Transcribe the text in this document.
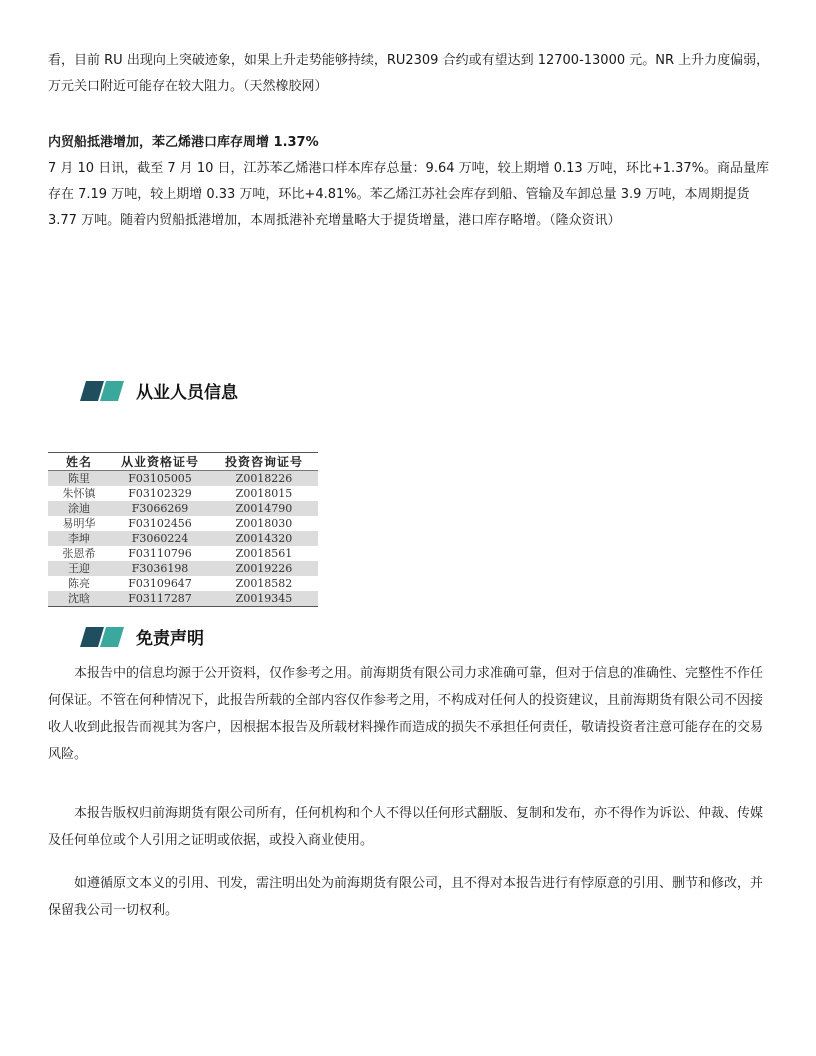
看，目前 RU 出现向上突破迹象，如果上升走势能够持续，RU2309 合约或有望达到 12700-13000 元。NR 上升力度偏弱，万元关口附近可能存在较大阻力。（天然橡胶网）

内贸船抵港增加，苯乙烯港口库存周增 1.37%

7 月 10 日讯，截至 7 月 10 日，江苏苯乙烯港口样本库存总量：9.64 万吨，较上期增 0.13 万吨，环比+1.37%。商品量库存在 7.19 万吨，较上期增 0.33 万吨，环比+4.81%。苯乙烯江苏社会库存到船、管输及车卸总量 3.9 万吨，本周期提货 3.77 万吨。随着内贸船抵港增加，本周抵港补充增量略大于提货增量，港口库存略增。（隆众资讯）

从业人员信息
姓名	从业资格证号	投资咨询证号
陈里	F03105005	Z0018226
朱怀镇	F03102329	Z0018015
涂迪	F3066269	Z0014790
易明华	F03102456	Z0018030
李坤	F3060224	Z0014320
张恩希	F03110796	Z0018561
王迎	F3036198	Z0019226
陈亮	F03109647	Z0018582
沈晗	F03117287	Z0019345
免责声明

本报告中的信息均源于公开资料，仅作参考之用。前海期货有限公司力求准确可靠，但对于信息的准确性、完整性不作任何保证。不管在何种情况下，此报告所载的全部内容仅作参考之用，不构成对任何人的投资建议，且前海期货有限公司不因接收人收到此报告而视其为客户，因根据本报告及所载材料操作而造成的损失不承担任何责任，敬请投资者注意可能存在的交易风险。

本报告版权归前海期货有限公司所有，任何机构和个人不得以任何形式翻版、复制和发布，亦不得作为诉讼、仲裁、传媒及任何单位或个人引用之证明或依据，或投入商业使用。

如遵循原文本义的引用、刊发，需注明出处为前海期货有限公司，且不得对本报告进行有悖原意的引用、删节和修改，并保留我公司一切权利。
